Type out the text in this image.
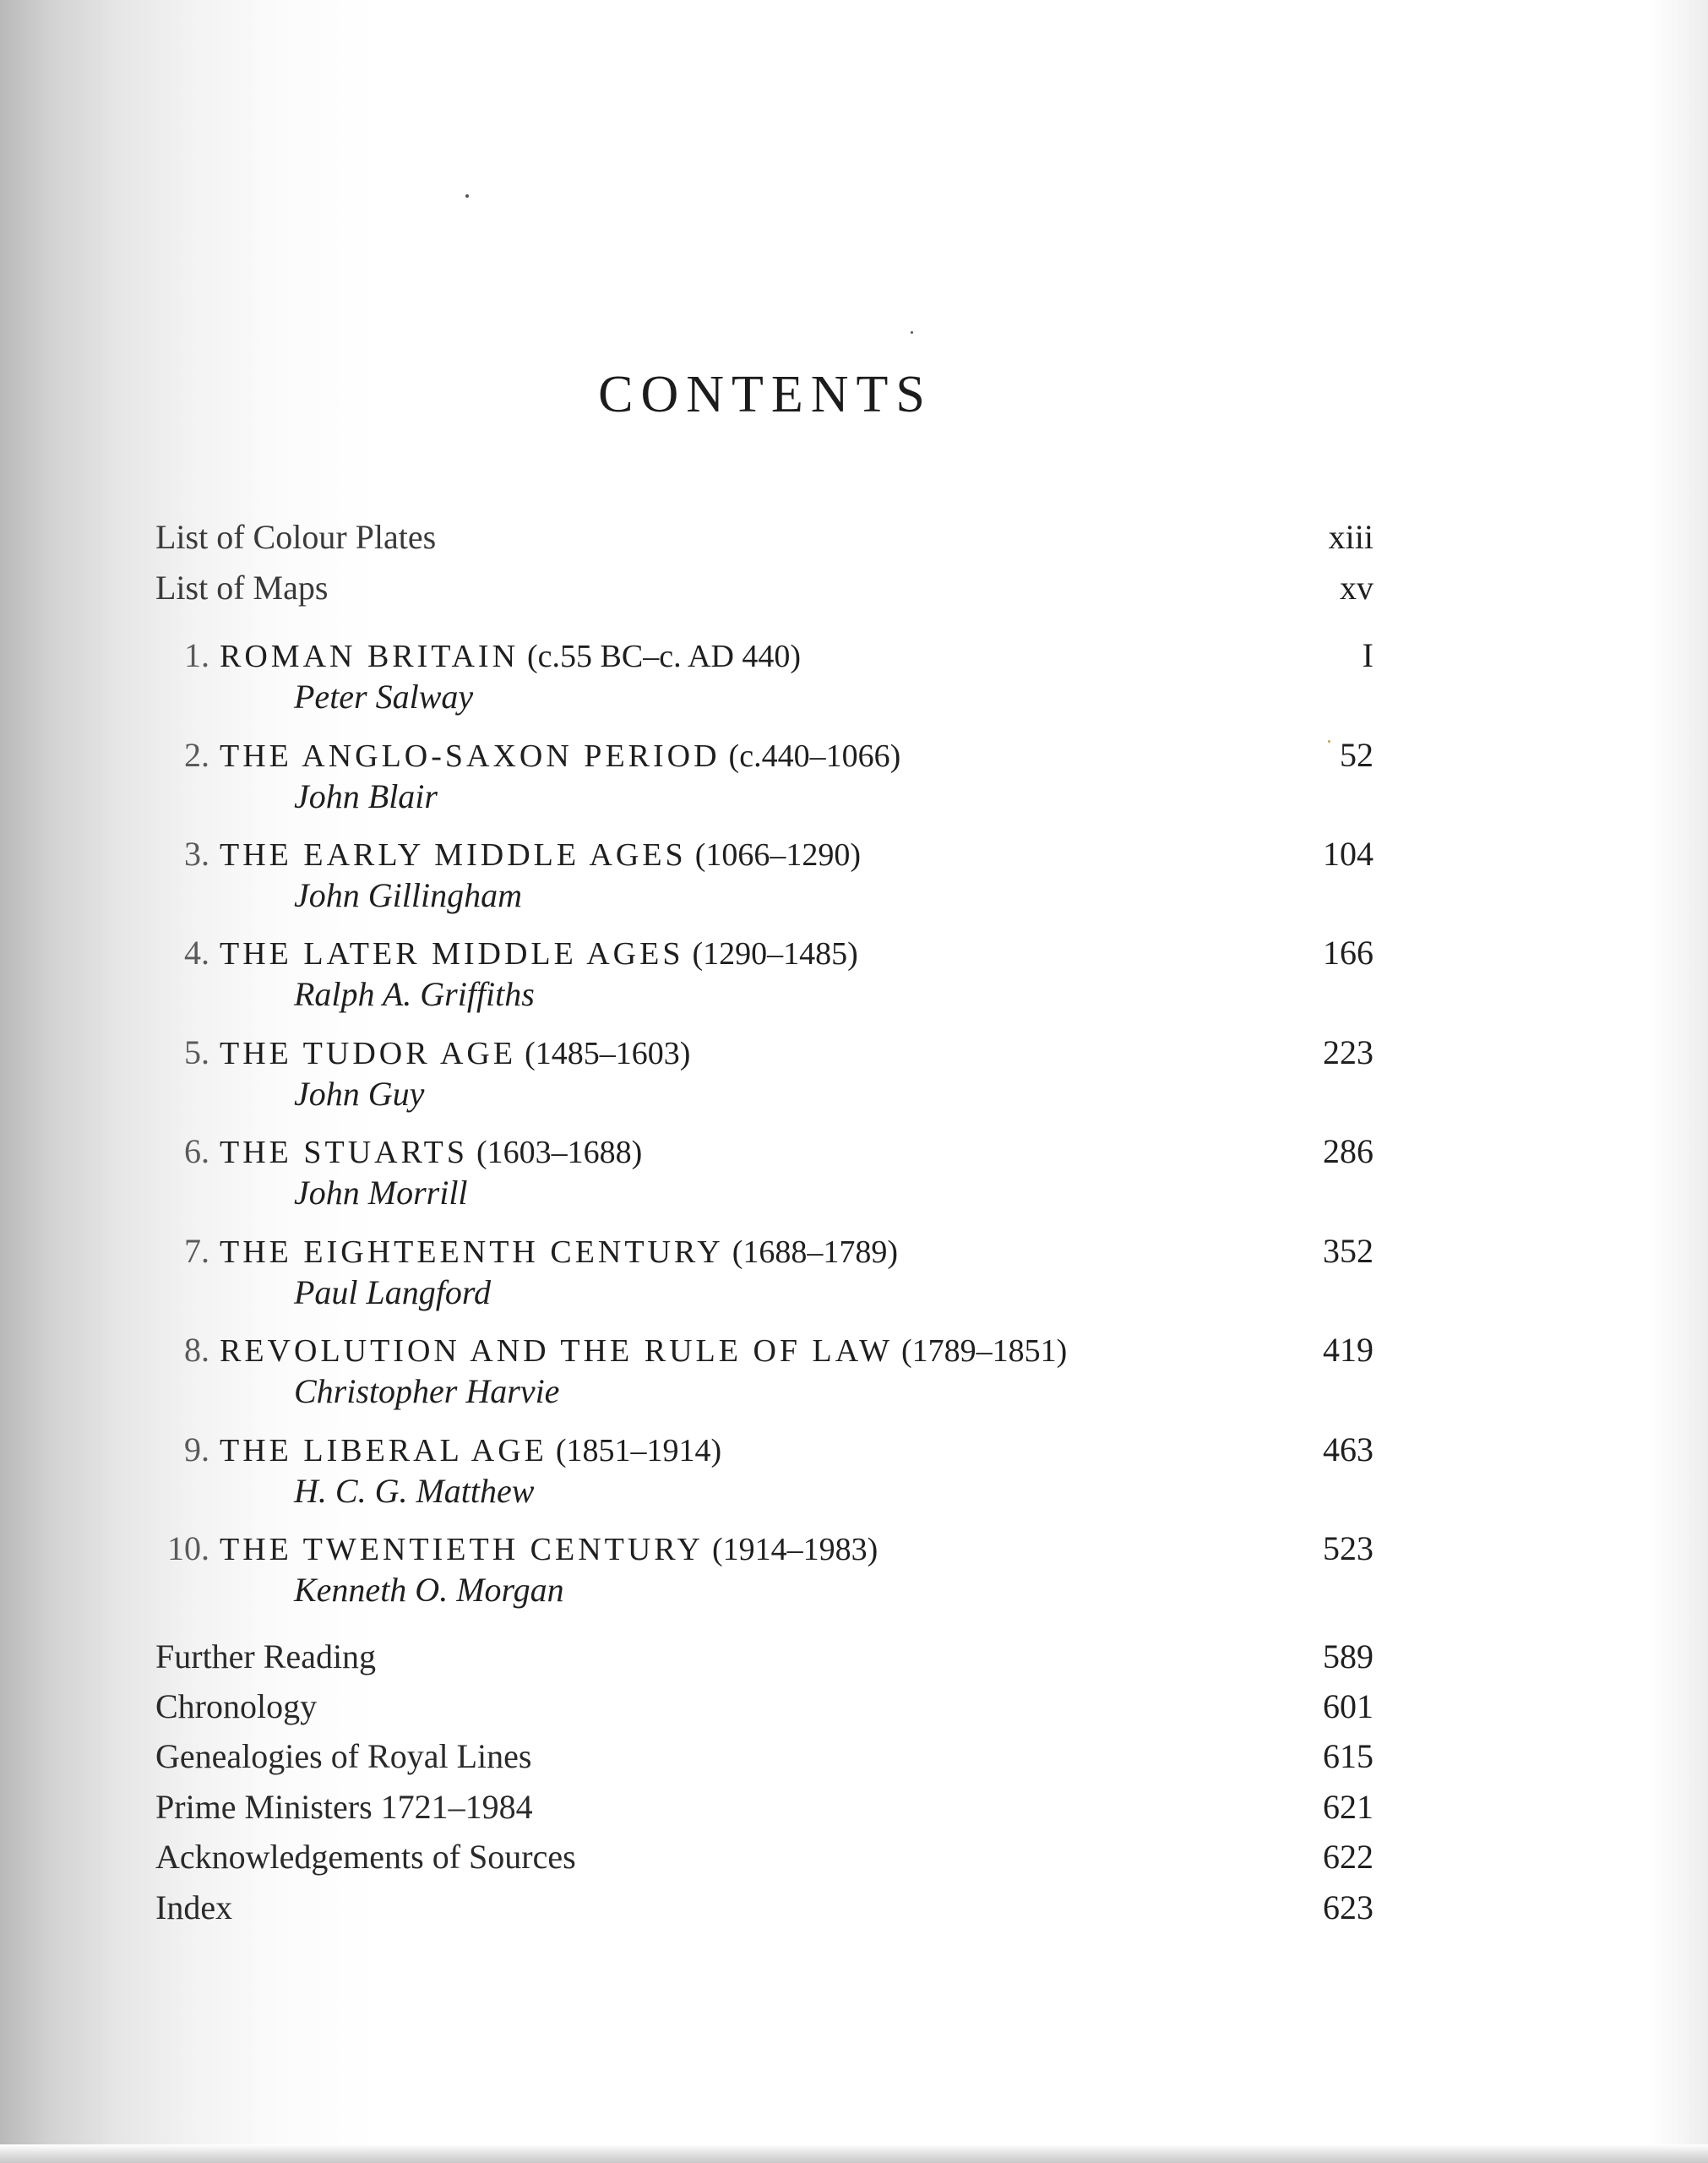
CONTENTS
List of Colour Plates	xiii
List of Maps	xv
1. ROMAN BRITAIN (c.55 BC–c. AD 440)	I
Peter Salway
2. THE ANGLO-SAXON PERIOD (c.440–1066)	52
John Blair
3. THE EARLY MIDDLE AGES (1066–1290)	104
John Gillingham
4. THE LATER MIDDLE AGES (1290–1485)	166
Ralph A. Griffiths
5. THE TUDOR AGE (1485–1603)	223
John Guy
6. THE STUARTS (1603–1688)	286
John Morrill
7. THE EIGHTEENTH CENTURY (1688–1789)	352
Paul Langford
8. REVOLUTION AND THE RULE OF LAW (1789–1851)	419
Christopher Harvie
9. THE LIBERAL AGE (1851–1914)	463
H. C. G. Matthew
10. THE TWENTIETH CENTURY (1914–1983)	523
Kenneth O. Morgan
Further Reading	589
Chronology	601
Genealogies of Royal Lines	615
Prime Ministers 1721–1984	621
Acknowledgements of Sources	622
Index	623
